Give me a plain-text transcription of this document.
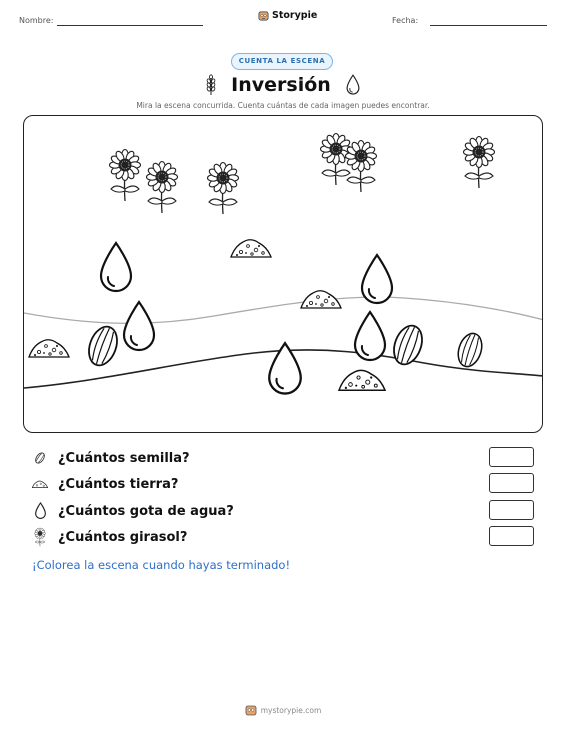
Nombre:	Storypie	Fecha:
CUENTA LA ESCENA
Inversión
Mira la escena concurrida. Cuenta cuántas de cada imagen puedes encontrar.
¿Cuántos semilla?
¿Cuántos tierra?
¿Cuántos gota de agua?
¿Cuántos girasol?
¡Colorea la escena cuando hayas terminado!
mystorypie.com
